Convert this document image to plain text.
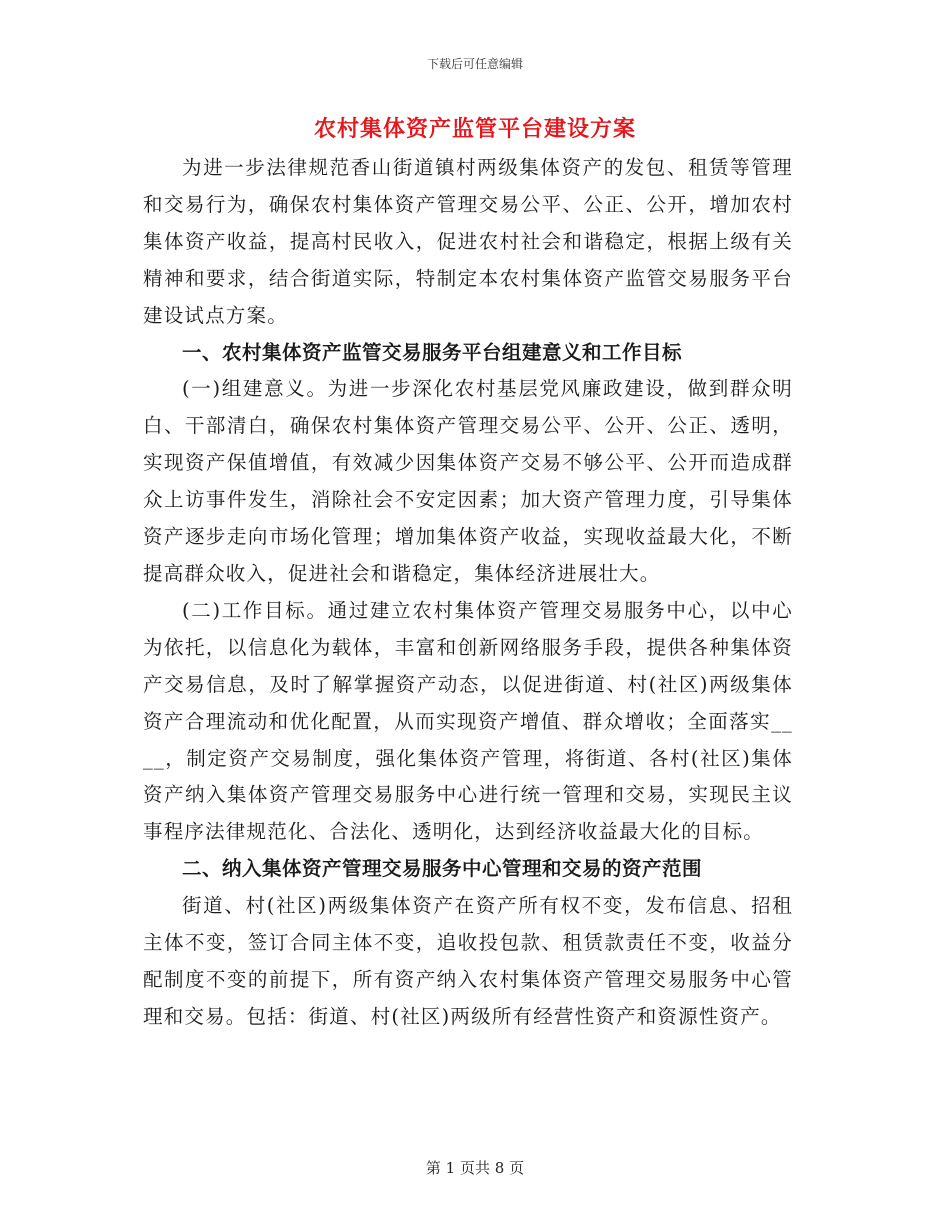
下载后可任意编辑
农村集体资产监管平台建设方案

为进一步法律规范香山街道镇村两级集体资产的发包、租赁等管理和交易行为，确保农村集体资产管理交易公平、公正、公开，增加农村集体资产收益，提高村民收入，促进农村社会和谐稳定，根据上级有关精神和要求，结合街道实际，特制定本农村集体资产监管交易服务平台建设试点方案。

一、农村集体资产监管交易服务平台组建意义和工作目标

(一)组建意义。为进一步深化农村基层党风廉政建设，做到群众明白、干部清白，确保农村集体资产管理交易公平、公开、公正、透明，实现资产保值增值，有效减少因集体资产交易不够公平、公开而造成群众上访事件发生，消除社会不安定因素；加大资产管理力度，引导集体资产逐步走向市场化管理；增加集体资产收益，实现收益最大化，不断提高群众收入，促进社会和谐稳定，集体经济进展壮大。

(二)工作目标。通过建立农村集体资产管理交易服务中心，以中心为依托，以信息化为载体，丰富和创新网络服务手段，提供各种集体资产交易信息，及时了解掌握资产动态，以促进街道、村(社区)两级集体资产合理流动和优化配置，从而实现资产增值、群众增收；全面落实____，制定资产交易制度，强化集体资产管理，将街道、各村(社区)集体资产纳入集体资产管理交易服务中心进行统一管理和交易，实现民主议事程序法律规范化、合法化、透明化，达到经济收益最大化的目标。

二、纳入集体资产管理交易服务中心管理和交易的资产范围

街道、村(社区)两级集体资产在资产所有权不变，发布信息、招租主体不变，签订合同主体不变，追收投包款、租赁款责任不变，收益分配制度不变的前提下，所有资产纳入农村集体资产管理交易服务中心管理和交易。包括：街道、村(社区)两级所有经营性资产和资源性资产。

第 1 页共 8 页
